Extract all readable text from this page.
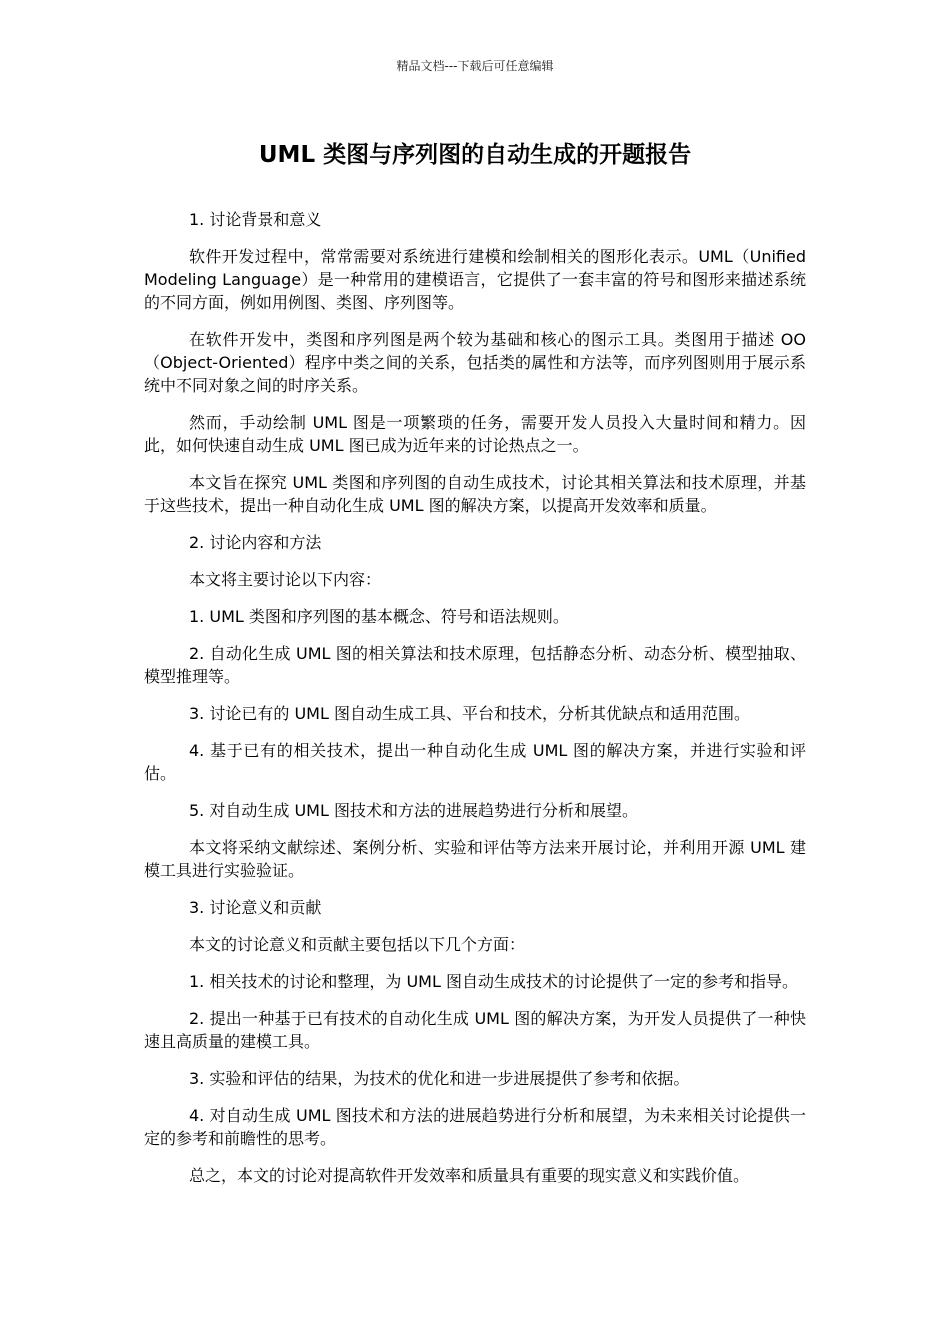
精品文档---下载后可任意编辑
UML 类图与序列图的自动生成的开题报告

1. 讨论背景和意义

软件开发过程中，常常需要对系统进行建模和绘制相关的图形化表示。UML（Unified Modeling Language）是一种常用的建模语言，它提供了一套丰富的符号和图形来描述系统的不同方面，例如用例图、类图、序列图等。

在软件开发中，类图和序列图是两个较为基础和核心的图示工具。类图用于描述 OO（Object-Oriented）程序中类之间的关系，包括类的属性和方法等，而序列图则用于展示系统中不同对象之间的时序关系。

然而，手动绘制 UML 图是一项繁琐的任务，需要开发人员投入大量时间和精力。因此，如何快速自动生成 UML 图已成为近年来的讨论热点之一。

本文旨在探究 UML 类图和序列图的自动生成技术，讨论其相关算法和技术原理，并基于这些技术，提出一种自动化生成 UML 图的解决方案，以提高开发效率和质量。

2. 讨论内容和方法

本文将主要讨论以下内容：

1. UML 类图和序列图的基本概念、符号和语法规则。

2. 自动化生成 UML 图的相关算法和技术原理，包括静态分析、动态分析、模型抽取、模型推理等。

3. 讨论已有的 UML 图自动生成工具、平台和技术，分析其优缺点和适用范围。

4. 基于已有的相关技术，提出一种自动化生成 UML 图的解决方案，并进行实验和评估。

5. 对自动生成 UML 图技术和方法的进展趋势进行分析和展望。

本文将采纳文献综述、案例分析、实验和评估等方法来开展讨论，并利用开源 UML 建模工具进行实验验证。

3. 讨论意义和贡献

本文的讨论意义和贡献主要包括以下几个方面：

1. 相关技术的讨论和整理，为 UML 图自动生成技术的讨论提供了一定的参考和指导。

2. 提出一种基于已有技术的自动化生成 UML 图的解决方案，为开发人员提供了一种快速且高质量的建模工具。

3. 实验和评估的结果，为技术的优化和进一步进展提供了参考和依据。

4. 对自动生成 UML 图技术和方法的进展趋势进行分析和展望，为未来相关讨论提供一定的参考和前瞻性的思考。

总之，本文的讨论对提高软件开发效率和质量具有重要的现实意义和实践价值。
